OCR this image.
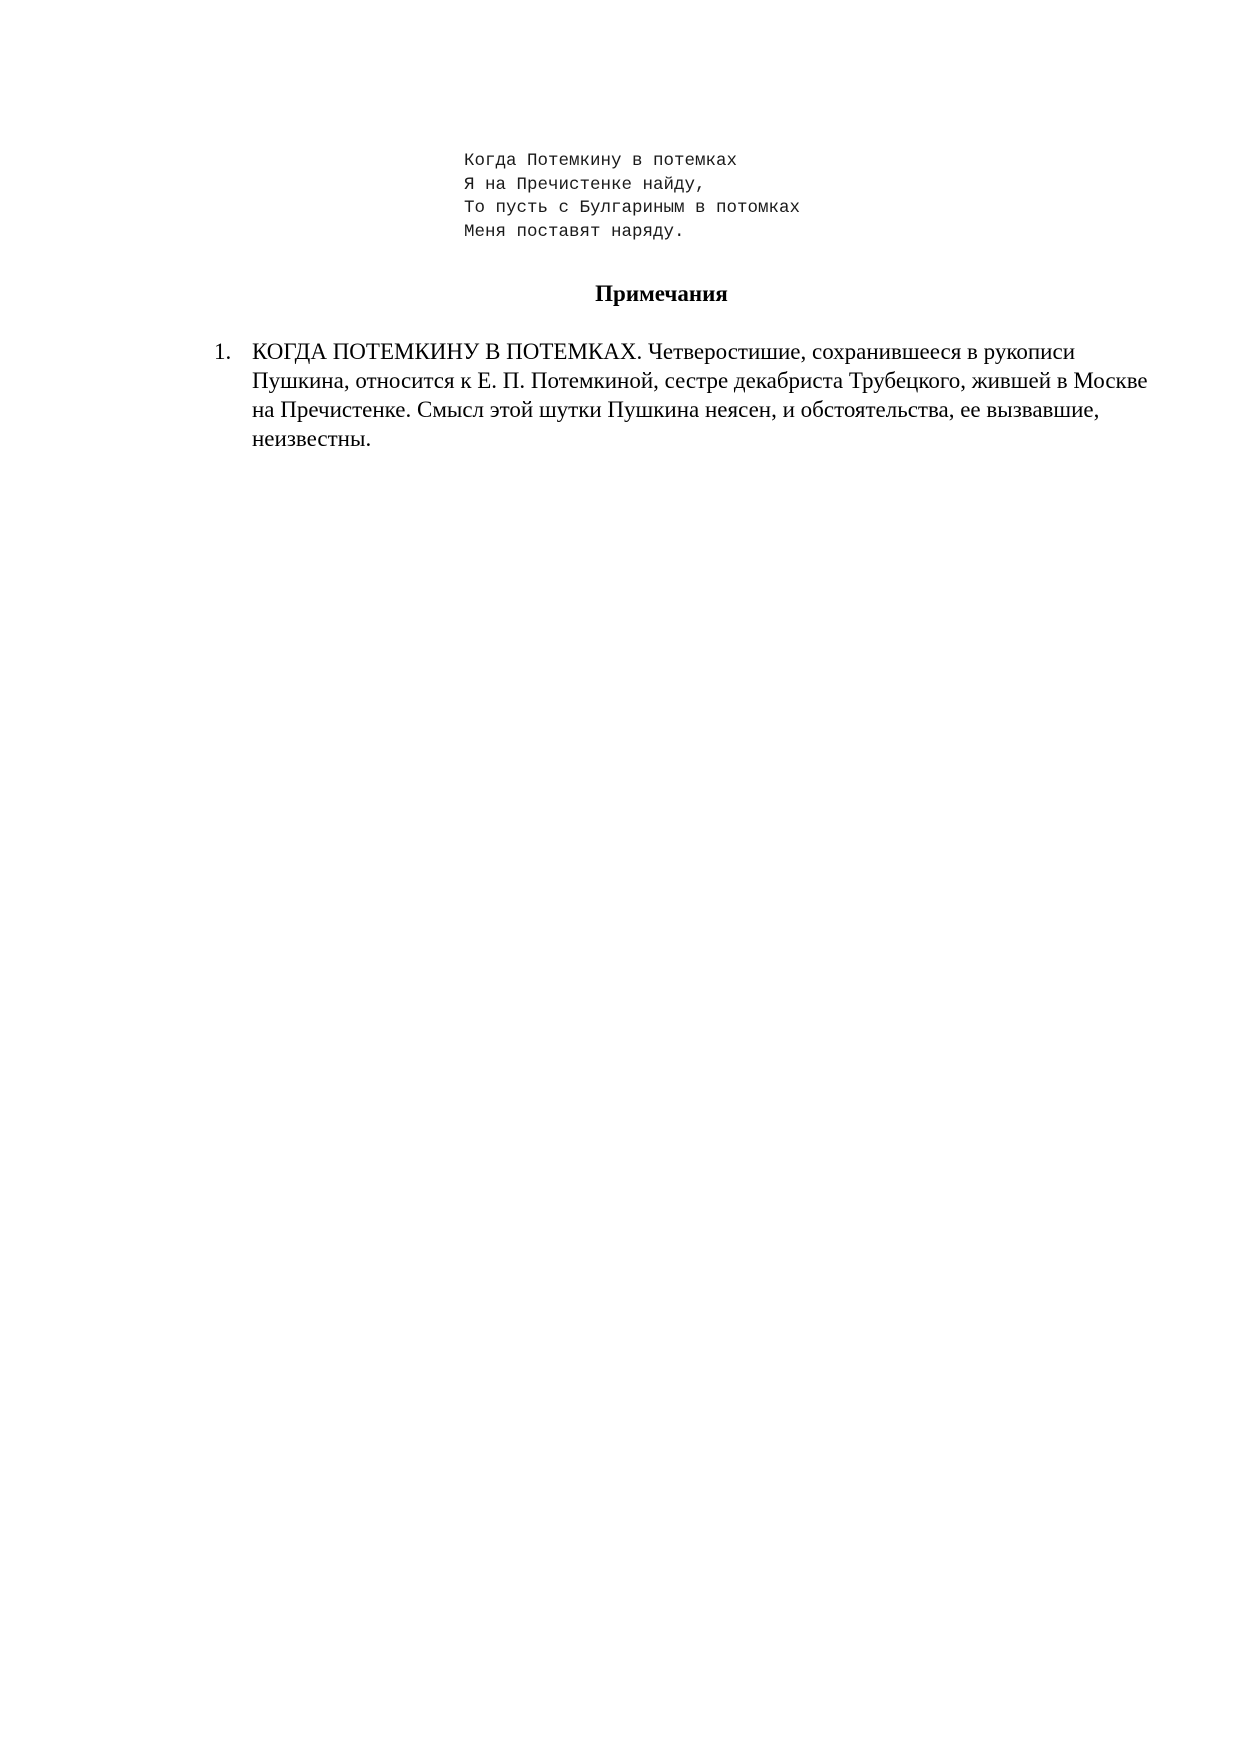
Когда Потемкину в потемках
Я на Пречистенке найду,
То пусть с Булгариным в потомках
Меня поставят наряду.
Примечания
1. КОГДА ПОТЕМКИНУ В ПОТЕМКАХ. Четверостишие, сохранившееся в рукописи Пушкина, относится к Е. П. Потемкиной, сестре декабриста Трубецкого, жившей в Москве на Пречистенке. Смысл этой шутки Пушкина неясен, и обстоятельства, ее вызвавшие, неизвестны.
